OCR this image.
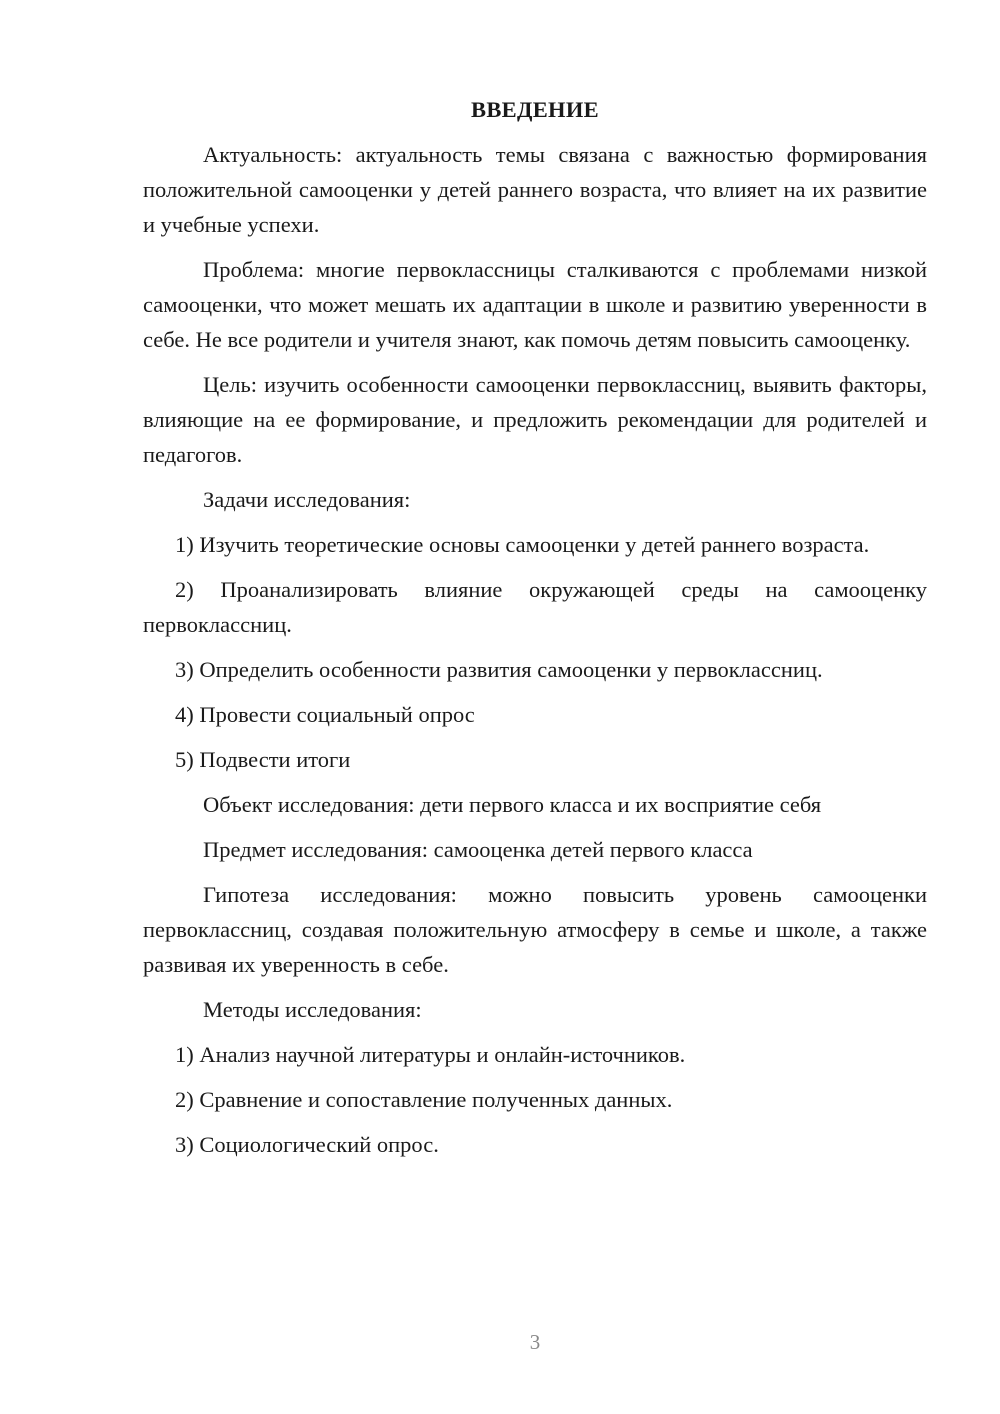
ВВЕДЕНИЕ

Актуальность: актуальность темы связана с важностью формирования положительной самооценки у детей раннего возраста, что влияет на их развитие и учебные успехи.

Проблема: многие первоклассницы сталкиваются с проблемами низкой самооценки, что может мешать их адаптации в школе и развитию уверенности в себе. Не все родители и учителя знают, как помочь детям повысить самооценку.

Цель: изучить особенности самооценки первоклассниц, выявить факторы, влияющие на ее формирование, и предложить рекомендации для родителей и педагогов.

Задачи исследования:

1) Изучить теоретические основы самооценки у детей раннего возраста.

2) Проанализировать влияние окружающей среды на самооценку первоклассниц.

3) Определить особенности развития самооценки у первоклассниц.

4) Провести социальный опрос

5) Подвести итоги

Объект исследования: дети первого класса и их восприятие себя

Предмет исследования: самооценка детей первого класса

Гипотеза исследования: можно повысить уровень самооценки первоклассниц, создавая положительную атмосферу в семье и школе, а также развивая их уверенность в себе.

Методы исследования:

1) Анализ научной литературы и онлайн-источников.

2) Сравнение и сопоставление полученных данных.

3) Социологический опрос.

3
